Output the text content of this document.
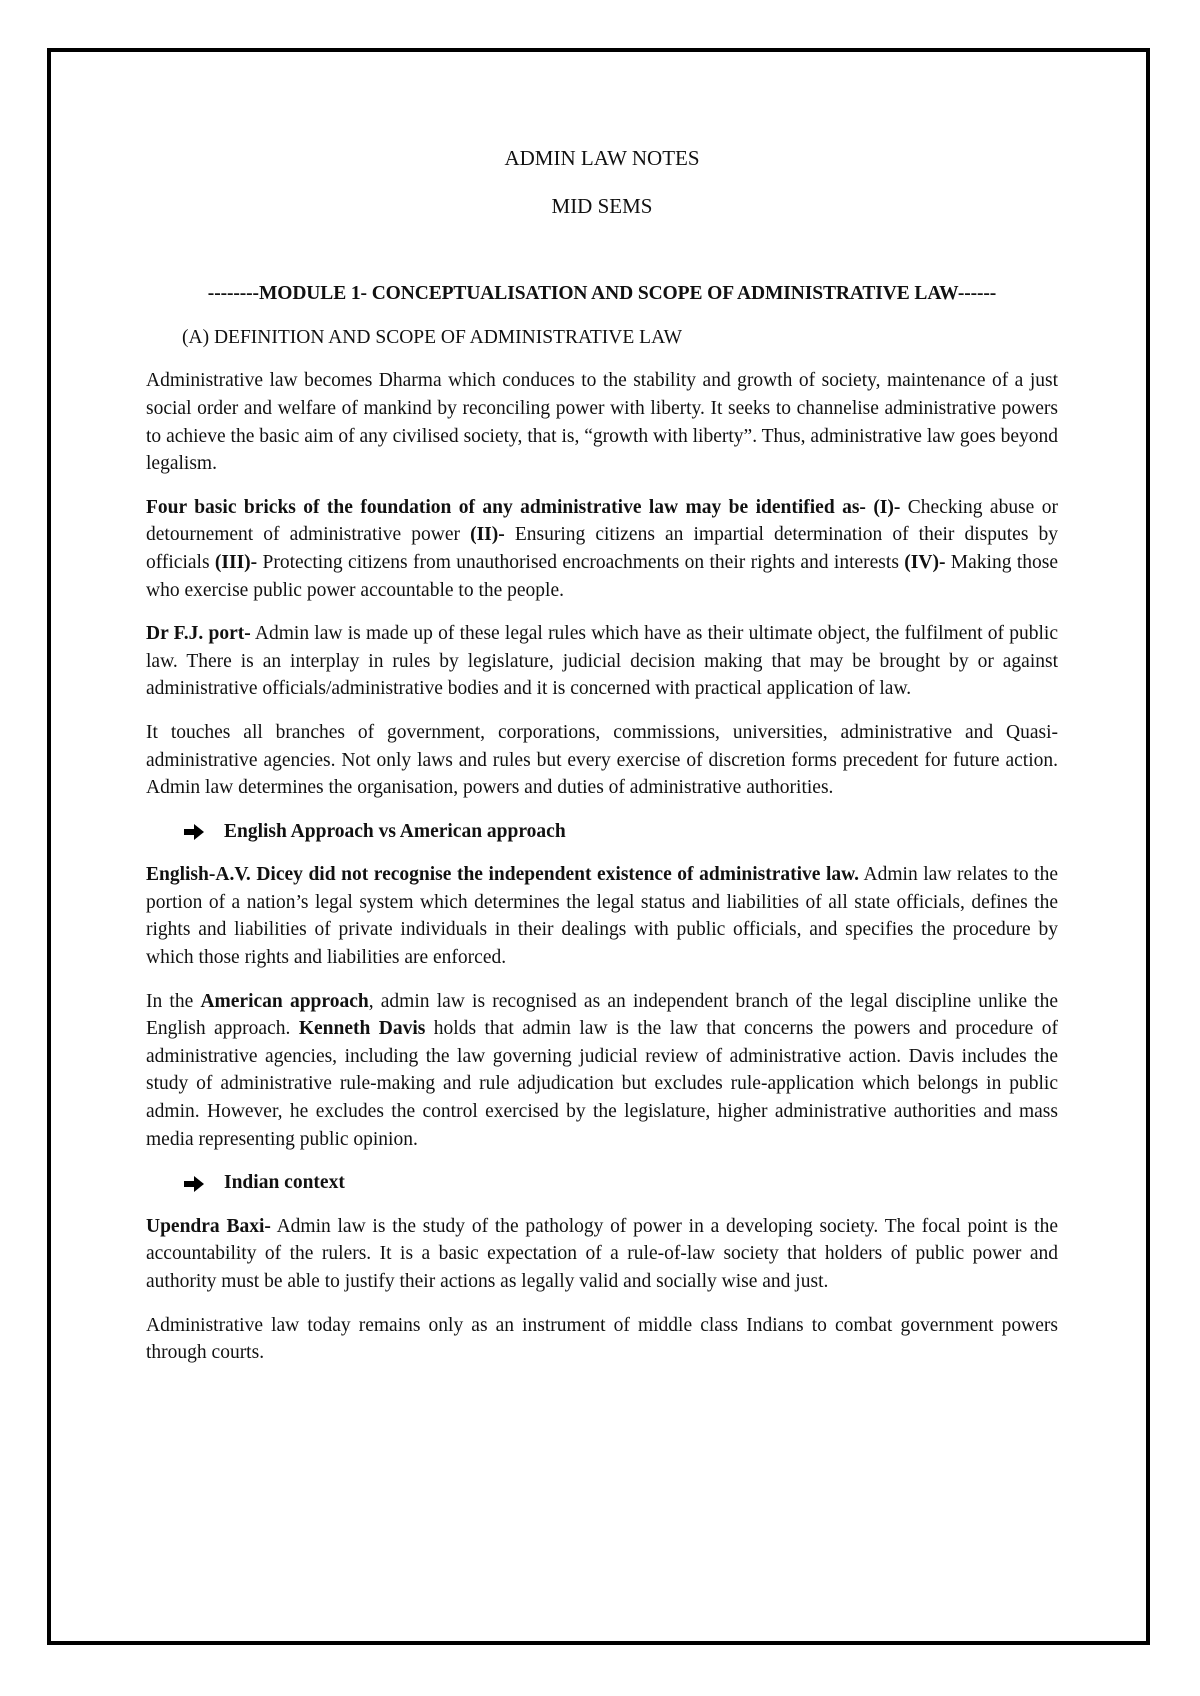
ADMIN LAW NOTES
MID SEMS
--------MODULE 1- CONCEPTUALISATION AND SCOPE OF ADMINISTRATIVE LAW------
(A) DEFINITION AND SCOPE OF ADMINISTRATIVE LAW

Administrative law becomes Dharma which conduces to the stability and growth of society, maintenance of a just social order and welfare of mankind by reconciling power with liberty. It seeks to channelise administrative powers to achieve the basic aim of any civilised society, that is, “growth with liberty”. Thus, administrative law goes beyond legalism.

Four basic bricks of the foundation of any administrative law may be identified as- (I)- Checking abuse or detournement of administrative power (II)- Ensuring citizens an impartial determination of their disputes by officials (III)- Protecting citizens from unauthorised encroachments on their rights and interests (IV)- Making those who exercise public power accountable to the people.

Dr F.J. port- Admin law is made up of these legal rules which have as their ultimate object, the fulfilment of public law. There is an interplay in rules by legislature, judicial decision making that may be brought by or against administrative officials/administrative bodies and it is concerned with practical application of law.

It touches all branches of government, corporations, commissions, universities, administrative and Quasi-administrative agencies. Not only laws and rules but every exercise of discretion forms precedent for future action. Admin law determines the organisation, powers and duties of administrative authorities.

English Approach vs American approach

English-A.V. Dicey did not recognise the independent existence of administrative law. Admin law relates to the portion of a nation’s legal system which determines the legal status and liabilities of all state officials, defines the rights and liabilities of private individuals in their dealings with public officials, and specifies the procedure by which those rights and liabilities are enforced.

In the American approach, admin law is recognised as an independent branch of the legal discipline unlike the English approach. Kenneth Davis holds that admin law is the law that concerns the powers and procedure of administrative agencies, including the law governing judicial review of administrative action. Davis includes the study of administrative rule-making and rule adjudication but excludes rule-application which belongs in public admin. However, he excludes the control exercised by the legislature, higher administrative authorities and mass media representing public opinion.

Indian context

Upendra Baxi- Admin law is the study of the pathology of power in a developing society. The focal point is the accountability of the rulers. It is a basic expectation of a rule-of-law society that holders of public power and authority must be able to justify their actions as legally valid and socially wise and just.

Administrative law today remains only as an instrument of middle class Indians to combat government powers through courts.
